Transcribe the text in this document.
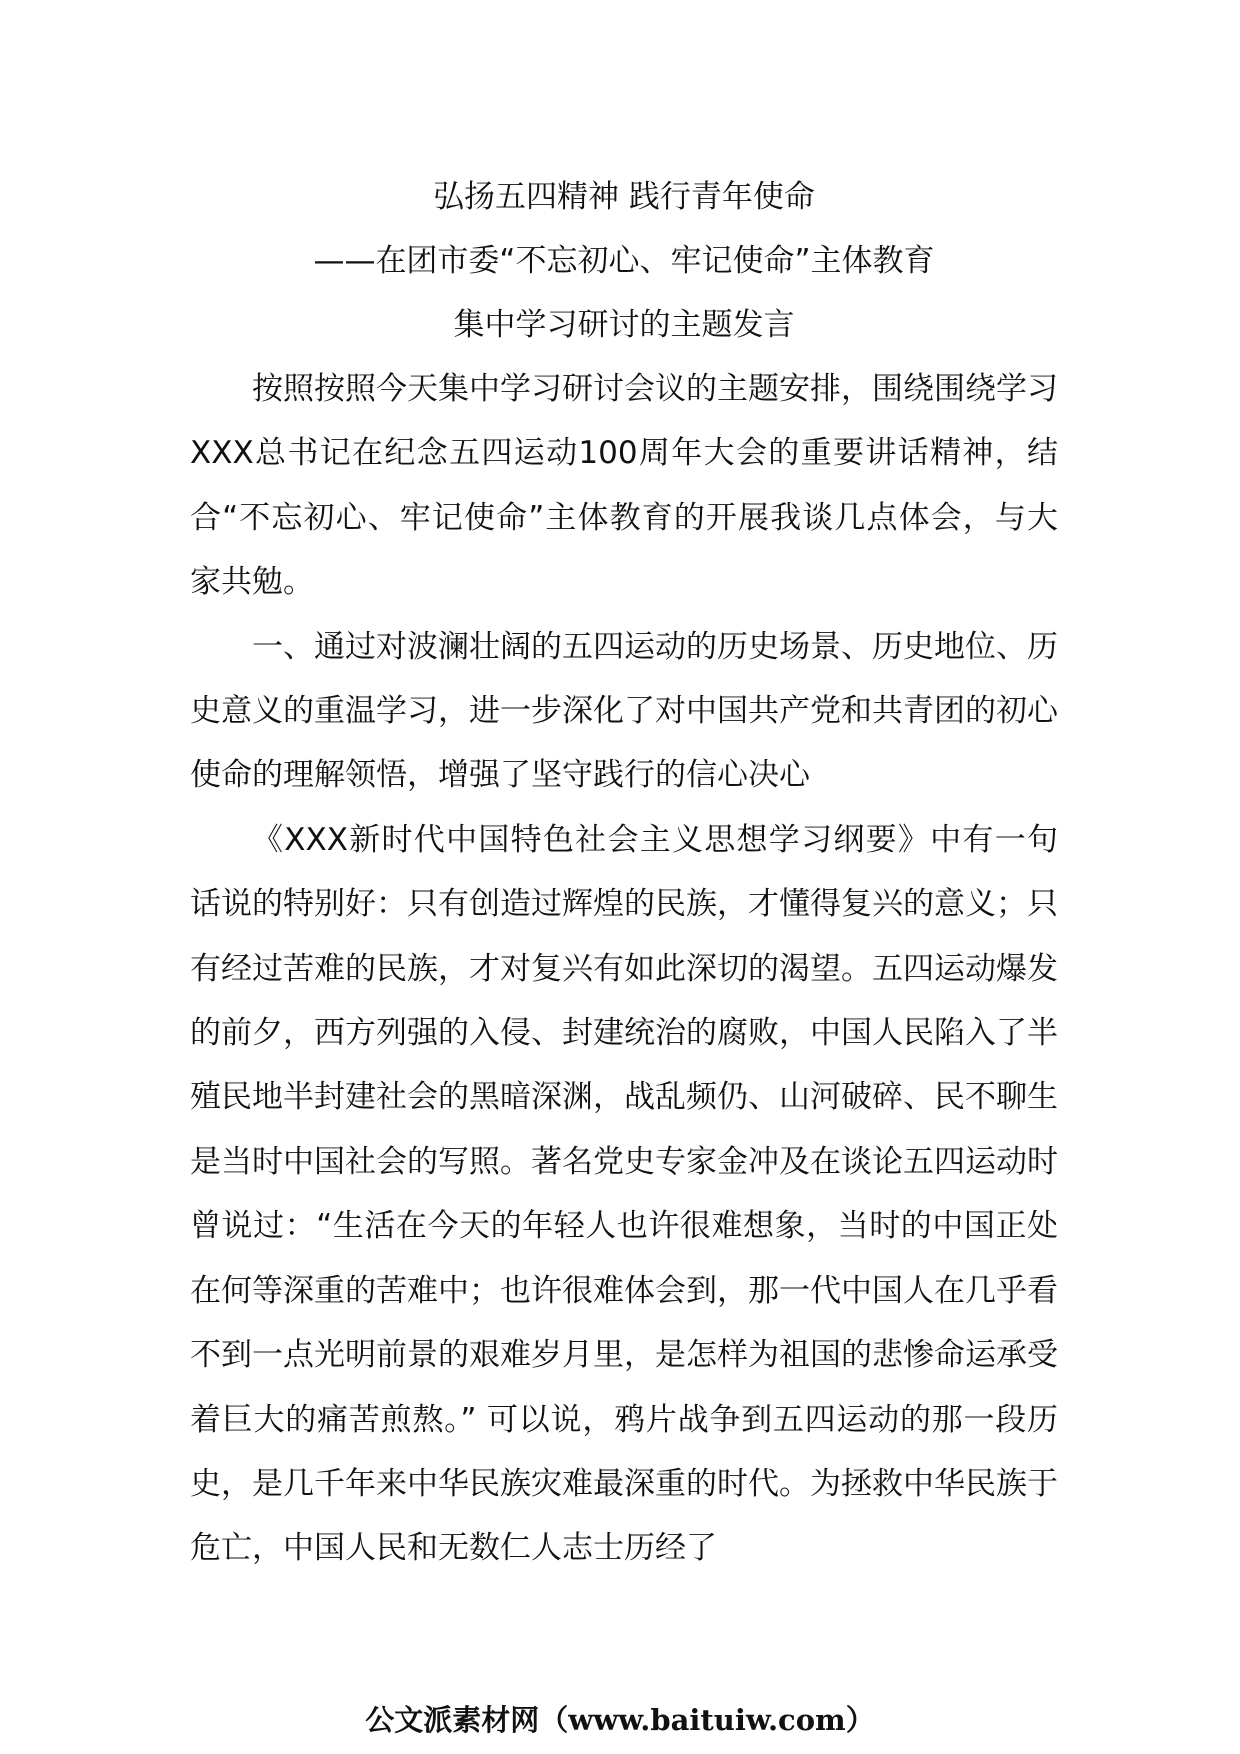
弘扬五四精神 践行青年使命

——在团市委“不忘初心、牢记使命”主体教育

集中学习研讨的主题发言

按照按照今天集中学习研讨会议的主题安排，围绕围绕学习XXX总书记在纪念五四运动100周年大会的重要讲话精神，结合“不忘初心、牢记使命”主体教育的开展我谈几点体会，与大家共勉。

一、通过对波澜壮阔的五四运动的历史场景、历史地位、历史意义的重温学习，进一步深化了对中国共产党和共青团的初心使命的理解领悟，增强了坚守践行的信心决心

《XXX新时代中国特色社会主义思想学习纲要》中有一句话说的特别好：只有创造过辉煌的民族，才懂得复兴的意义；只有经过苦难的民族，才对复兴有如此深切的渴望。五四运动爆发的前夕，西方列强的入侵、封建统治的腐败，中国人民陷入了半殖民地半封建社会的黑暗深渊，战乱频仍、山河破碎、民不聊生是当时中国社会的写照。著名党史专家金冲及在谈论五四运动时曾说过：“生活在今天的年轻人也许很难想象，当时的中国正处在何等深重的苦难中；也许很难体会到，那一代中国人在几乎看不到一点光明前景的艰难岁月里，是怎样为祖国的悲惨命运承受着巨大的痛苦煎熬。” 可以说，鸦片战争到五四运动的那一段历史，是几千年来中华民族灾难最深重的时代。为拯救中华民族于危亡，中国人民和无数仁人志士历经了

公文派素材网（www.baituiw.com）
